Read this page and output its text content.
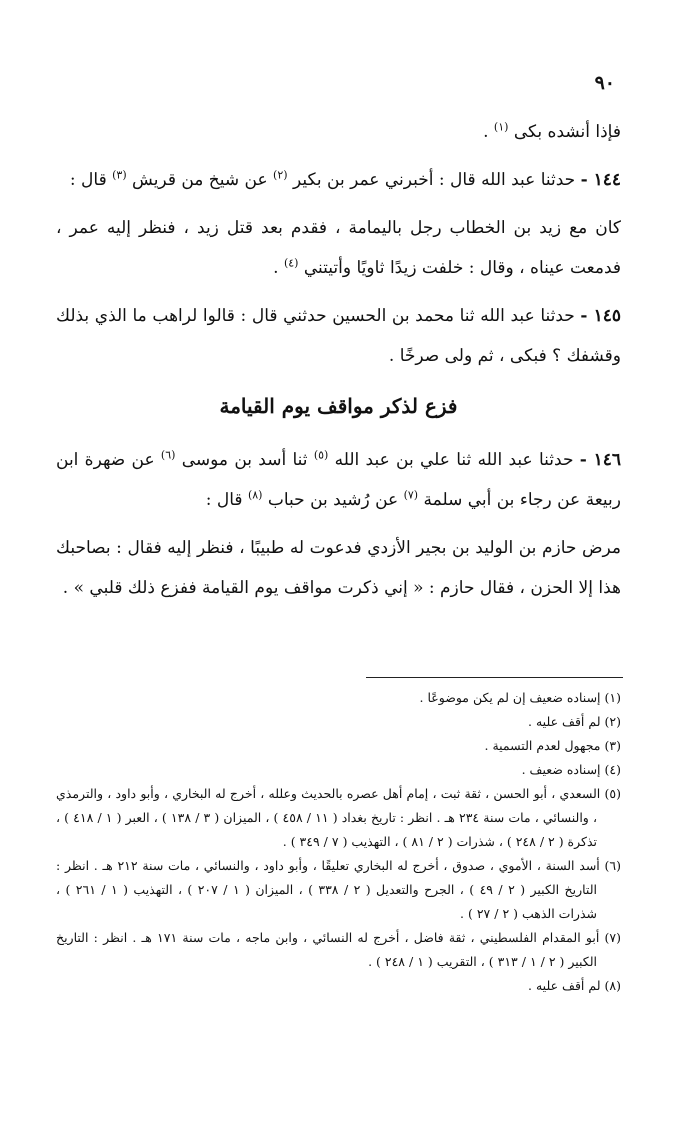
٩٠

فإذا أنشده بكى $^{(١)}$ .

١٤٤ - حدثنا عبد الله قال : أخبرني عمر بن بكير $^{(٢)}$ عن شيخ من قريش $^{(٣)}$ قال :

كان مع زيد بن الخطاب رجل باليمامة ، فقدم بعد قتل زيد ، فنظر إليه عمر ، فدمعت عيناه ، وقال : خلفت زيدًا ثاويًا وأتيتني $^{(٤)}$ .

١٤٥ - حدثنا عبد الله ثنا محمد بن الحسين حدثني قال : قالوا لراهب ما الذي بذلك وقشفك ؟ فبكى ، ثم ولى صرخًا .

فزع لذكر مواقف يوم القيامة

١٤٦ - حدثنا عبد الله ثنا علي بن عبد الله $^{(٥)}$ ثنا أسد بن موسى $^{(٦)}$ عن ضهرة ابن ربيعة عن رجاء بن أبي سلمة $^{(٧)}$ عن رُشيد بن حباب $^{(٨)}$ قال :

مرض حازم بن الوليد بن بجير الأزدي فدعوت له طبيبًا ، فنظر إليه فقال : بصاحبك هذا إلا الحزن ، فقال حازم : « إني ذكرت مواقف يوم القيامة ففزع ذلك قلبي » .

(١) إسناده ضعيف إن لم يكن موضوعًا .

(٢) لم أقف عليه .

(٣) مجهول لعدم التسمية .

(٤) إسناده ضعيف .

(٥) السعدي ، أبو الحسن ، ثقة ثبت ، إمام أهل عصره بالحديث وعلله ، أخرج له البخاري ، وأبو داود ، والترمذي ، والنسائي ، مات سنة ٢٣٤ هـ . انظر : تاريخ بغداد ( ١١ / ٤٥٨ ) ، الميزان ( ٣ / ١٣٨ ) ، العبر ( ١ / ٤١٨ ) ، تذكرة ( ٢ / ٢٤٨ ) ، شذرات ( ٢ / ٨١ ) ، التهذيب ( ٧ / ٣٤٩ ) .

(٦) أسد السنة ، الأموي ، صدوق ، أخرج له البخاري تعليقًا ، وأبو داود ، والنسائي ، مات سنة ٢١٢ هـ . انظر : التاريخ الكبير ( ٢ / ٤٩ ) ، الجرح والتعديل ( ٢ / ٣٣٨ ) ، الميزان ( ١ / ٢٠٧ ) ، التهذيب ( ١ / ٢٦١ ) ، شذرات الذهب ( ٢ / ٢٧ ) .

(٧) أبو المقدام الفلسطيني ، ثقة فاضل ، أخرج له النسائي ، وابن ماجه ، مات سنة ١٧١ هـ . انظر : التاريخ الكبير ( ٢ / ١ / ٣١٣ ) ، التقريب ( ١ / ٢٤٨ ) .

(٨) لم أقف عليه .
